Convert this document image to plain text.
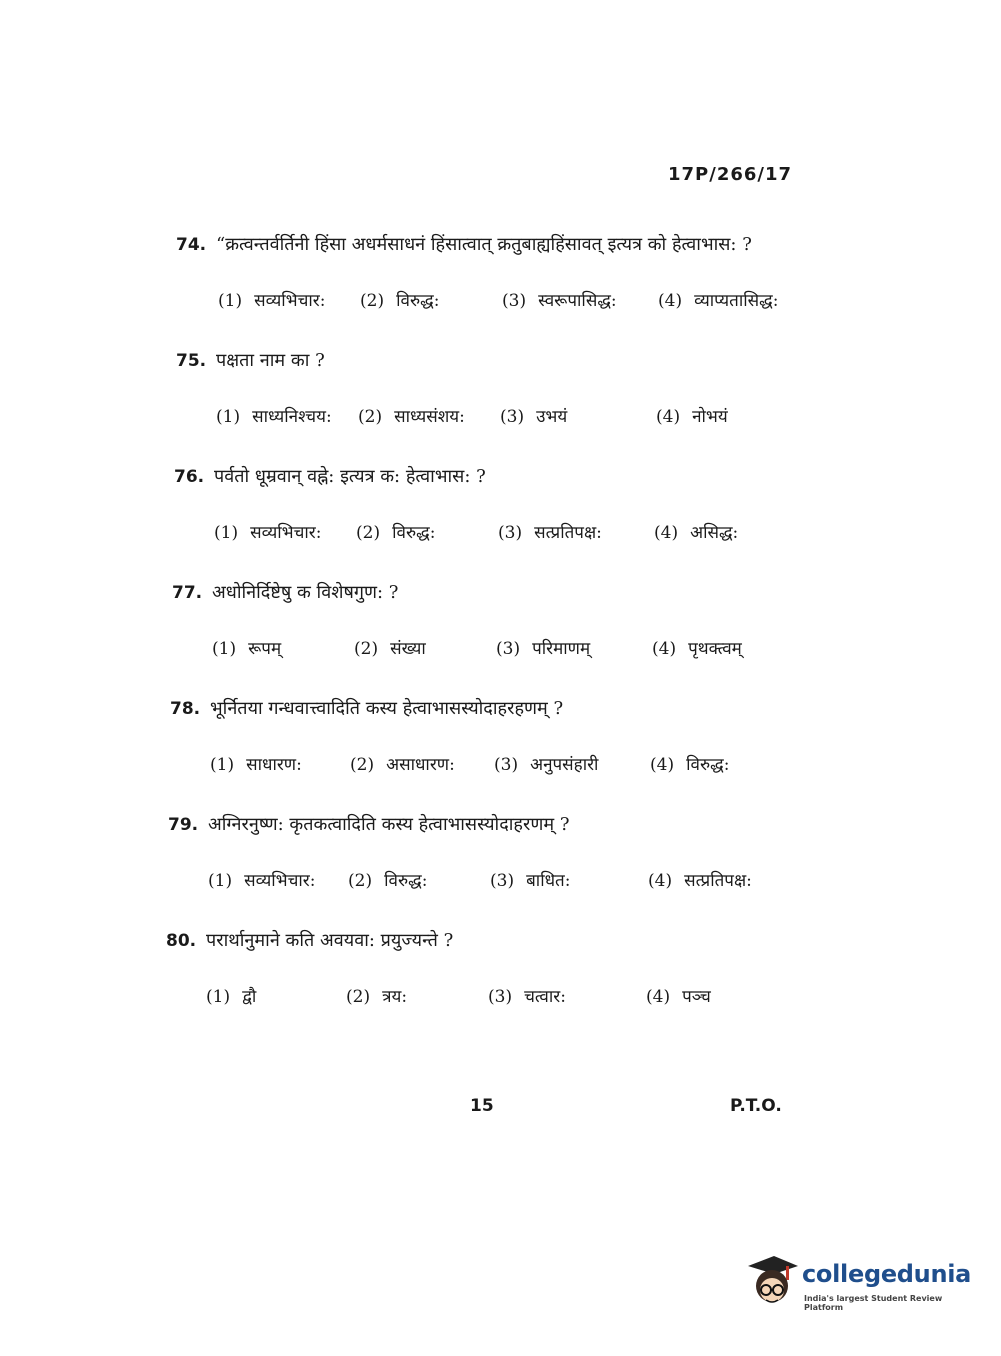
17P/266/17
74. “क्रत्वन्तर्वर्तिनी हिंसा अधर्मसाधनं हिंसात्वात् क्रतुबाह्यहिंसावत् इत्यत्र को हेत्वाभास: ?
(1) सव्यभिचार: (2) विरुद्ध:	(3) स्वरूपासिद्ध: (4) व्याप्यतासिद्ध:
75. पक्षता नाम का ?
(1) साध्यनिश्चय: (2) साध्यसंशय: (3) उभयं	(4) नोभयं
76. पर्वतो धूम्रवान् वह्ने: इत्यत्र क: हेत्वाभास: ?
(1) सव्यभिचार: (2) विरुद्ध:	(3) सत्प्रतिपक्ष:	(4) असिद्ध:
77. अधोनिर्दिष्टेषु क विशेषगुण: ?
(1) रूपम्	(2) संख्या	(3) परिमाणम्	(4) पृथक्त्वम्
78. भूर्नितया गन्धवात्त्वादिति कस्य हेत्वाभासस्योदाहरहणम् ?
(1) साधारण:	(2) असाधारण: (3) अनुपसंहारी	(4) विरुद्ध:
79. अग्निरनुष्ण: कृतकत्वादिति कस्य हेत्वाभासस्योदाहरणम् ?
(1) सव्यभिचार: (2) विरुद्ध:	(3) बाधित:	(4) सत्प्रतिपक्ष:
80. परार्थानुमाने कति अवयवा: प्रयुज्यन्ते ?
(1) द्वौ	(2) त्रय:	(3) चत्वार:	(4) पञ्च
15	P.T.O.
collegedunia
India's largest Student Review Platform
